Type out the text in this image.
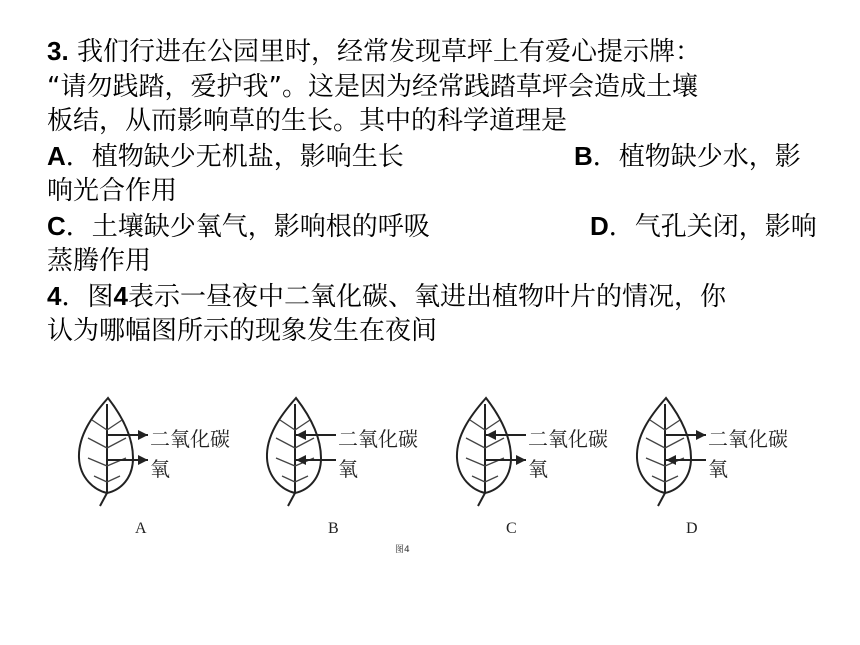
3. 我们行进在公园里时，经常发现草坪上有爱心提示牌：
“请勿践踏，爱护我”。这是因为经常践踏草坪会造成土壤
板结，从而影响草的生长。其中的科学道理是
A．植物缺少无机盐，影响生长	B．植物缺少水，影
响光合作用
C．土壤缺少氧气，影响根的呼吸	D．气孔关闭，影响
蒸腾作用
4．图4表示一昼夜中二氧化碳、氧进出植物叶片的情况，你
认为哪幅图所示的现象发生在夜间
二氧化碳
氧
A
二氧化碳
氧
B
二氧化碳
氧
C
二氧化碳
氧
D
图4
